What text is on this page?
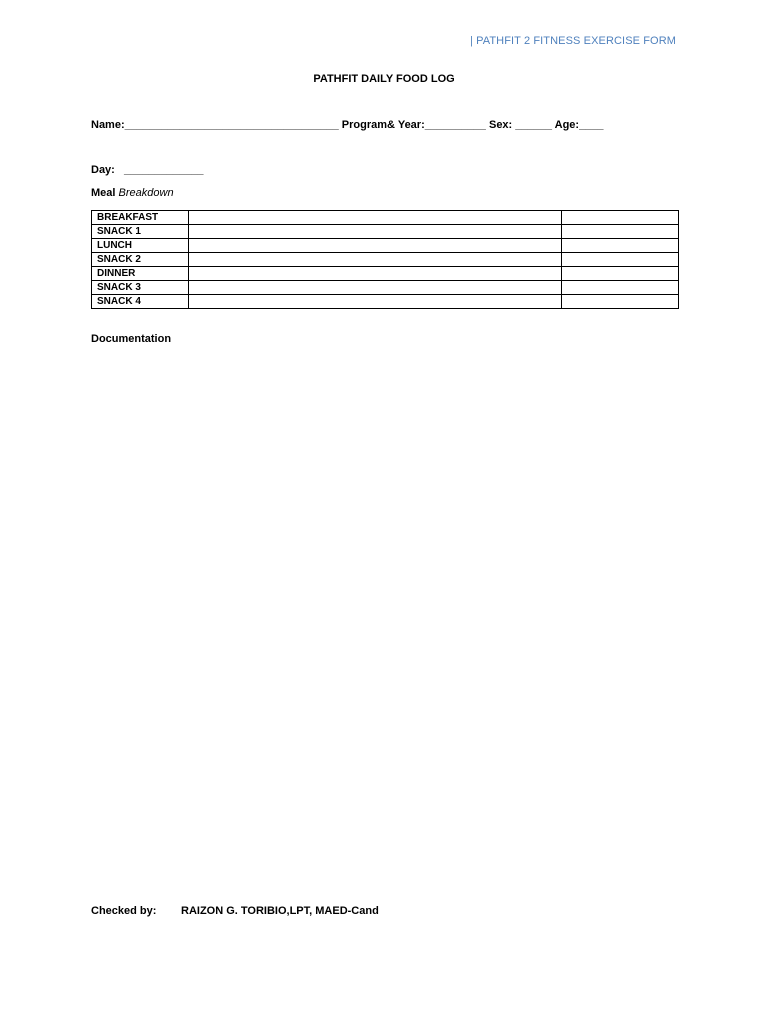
| PATHFIT 2 FITNESS EXERCISE FORM
PATHFIT DAILY FOOD LOG
Name:___________________________________ Program& Year:__________ Sex: ______ Age:____
Day:   _____________
Meal Breakdown
BREAKFAST		
SNACK 1		
LUNCH		
SNACK 2		
DINNER		
SNACK 3		
SNACK 4		
Documentation
Checked by: RAIZON G. TORIBIO,LPT, MAED-Cand
